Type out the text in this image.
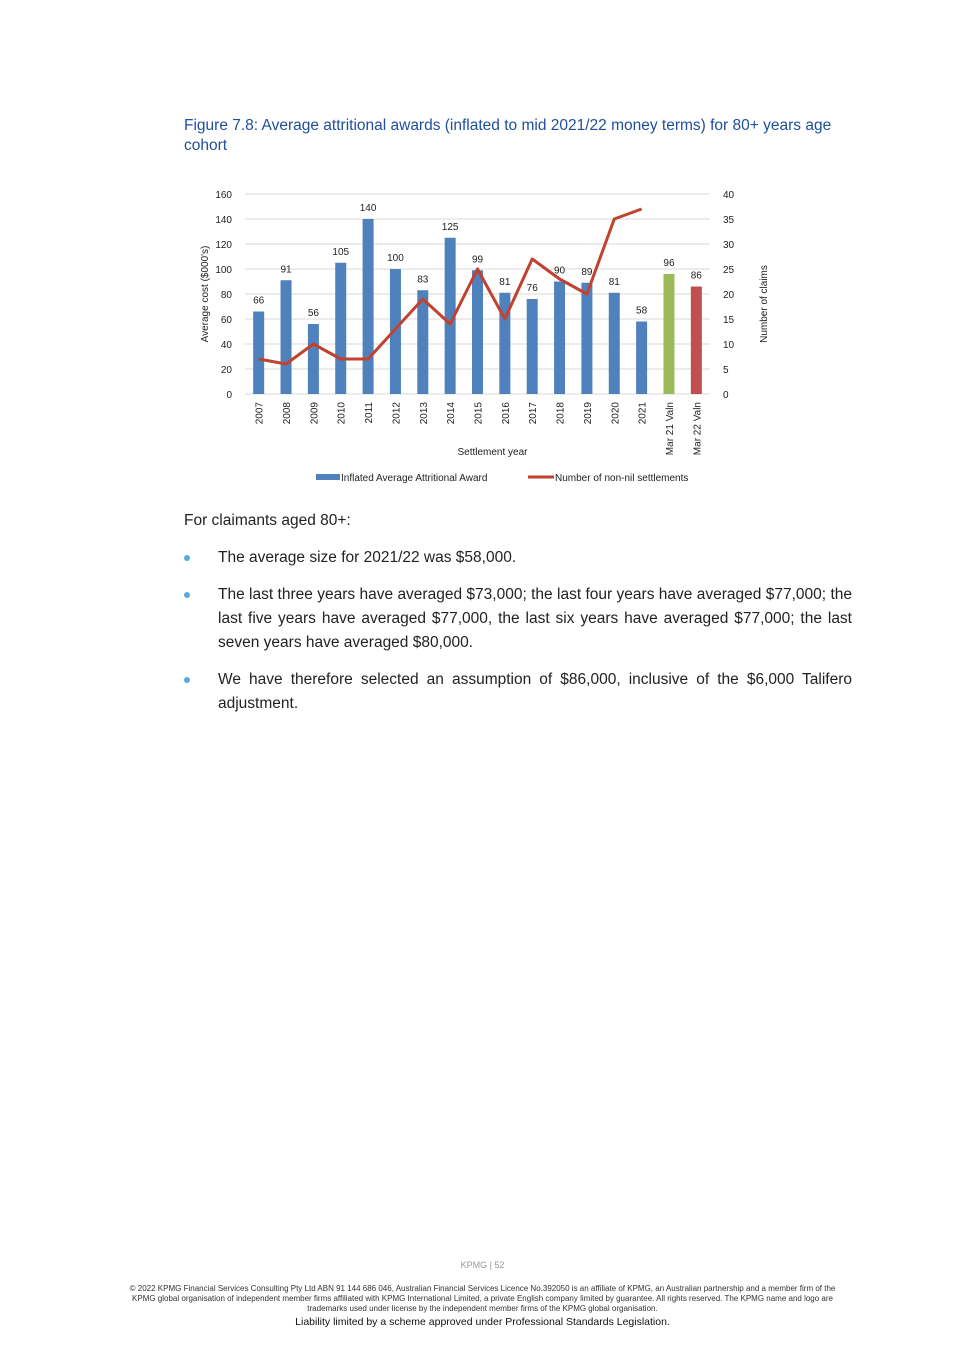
Figure 7.8: Average attritional awards (inflated to mid 2021/22 money terms) for 80+ years age cohort
0
20
40
60
80
100
120
140
160
0
5
10
15
20
25
30
35
40
66
91
56
105
140
100
83
125
99
81
76
90 89
81
58
96
86
2007 2008 2009 2010 2011 2012 2013 2014 2015 2016 2017 2018 2019 2020 2021 Mar 21 Valn Mar 22 Valn
Settlement year
Average cost ($000's)	Number of claims
Inflated Average Attritional Award	Number of non-nil settlements
For claimants aged 80+:
The average size for 2021/22 was $58,000.
The last three years have averaged $73,000; the last four years have averaged $77,000; the last five years have averaged $77,000, the last six years have averaged $77,000; the last seven years have averaged $80,000.
We have therefore selected an assumption of $86,000, inclusive of the $6,000 Talifero adjustment.
KPMG | 52
© 2022 KPMG Financial Services Consulting Pty Ltd ABN 91 144 686 046, Australian Financial Services Licence No.392050 is an affiliate of KPMG, an Australian partnership and a member firm of the KPMG global organisation of independent member firms affiliated with KPMG International Limited, a private English company limited by guarantee. All rights reserved. The KPMG name and logo are trademarks used under license by the independent member firms of the KPMG global organisation.
Liability limited by a scheme approved under Professional Standards Legislation.
